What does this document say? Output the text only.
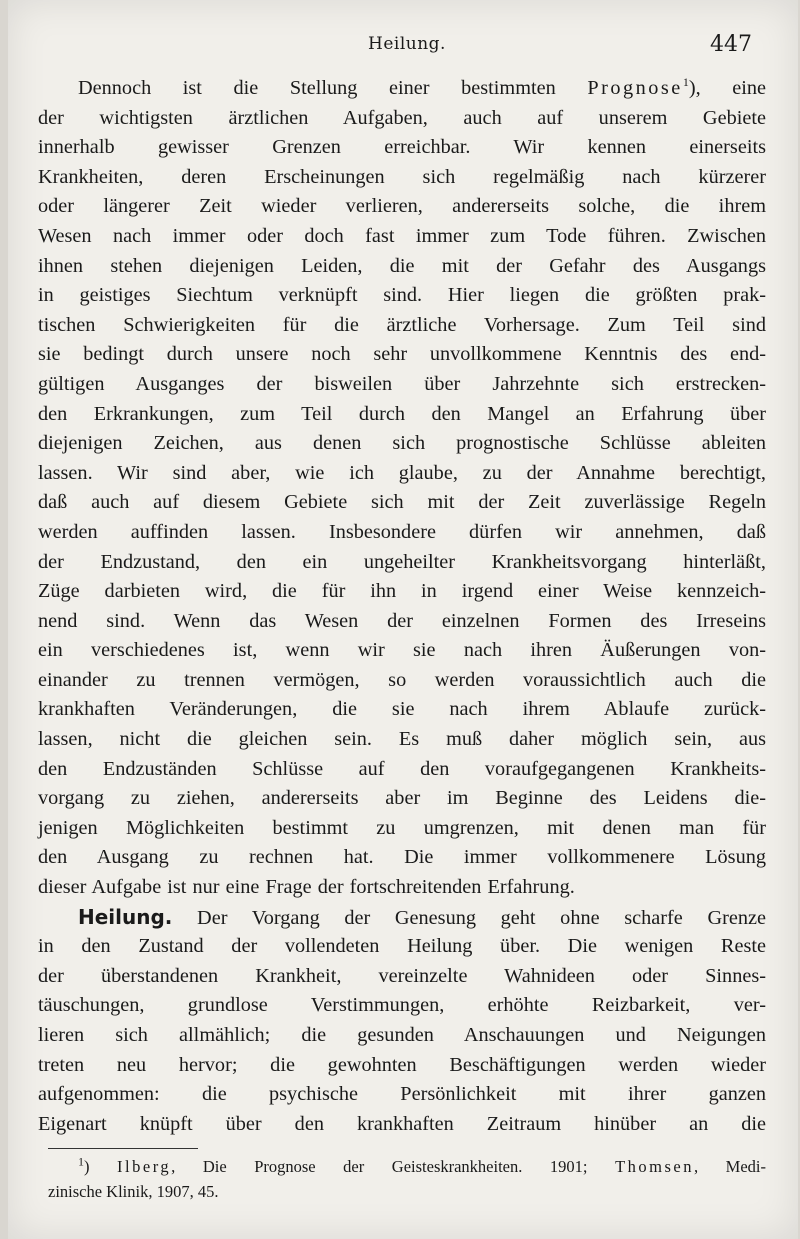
Heilung.	447
Dennoch ist die Stellung einer bestimmten Prognose$^1$), eine
der wichtigsten ärztlichen Aufgaben, auch auf unserem Gebiete
innerhalb gewisser Grenzen erreichbar. Wir kennen einerseits
Krankheiten, deren Erscheinungen sich regelmäßig nach kürzerer
oder längerer Zeit wieder verlieren, andererseits solche, die ihrem
Wesen nach immer oder doch fast immer zum Tode führen. Zwischen
ihnen stehen diejenigen Leiden, die mit der Gefahr des Ausgangs
in geistiges Siechtum verknüpft sind. Hier liegen die größten prak-
tischen Schwierigkeiten für die ärztliche Vorhersage. Zum Teil sind
sie bedingt durch unsere noch sehr unvollkommene Kenntnis des end-
gültigen Ausganges der bisweilen über Jahrzehnte sich erstrecken-
den Erkrankungen, zum Teil durch den Mangel an Erfahrung über
diejenigen Zeichen, aus denen sich prognostische Schlüsse ableiten
lassen. Wir sind aber, wie ich glaube, zu der Annahme berechtigt,
daß auch auf diesem Gebiete sich mit der Zeit zuverlässige Regeln
werden auffinden lassen. Insbesondere dürfen wir annehmen, daß
der Endzustand, den ein ungeheilter Krankheitsvorgang hinterläßt,
Züge darbieten wird, die für ihn in irgend einer Weise kennzeich-
nend sind. Wenn das Wesen der einzelnen Formen des Irreseins
ein verschiedenes ist, wenn wir sie nach ihren Äußerungen von-
einander zu trennen vermögen, so werden voraussichtlich auch die
krankhaften Veränderungen, die sie nach ihrem Ablaufe zurück-
lassen, nicht die gleichen sein. Es muß daher möglich sein, aus
den Endzuständen Schlüsse auf den voraufgegangenen Krankheits-
vorgang zu ziehen, andererseits aber im Beginne des Leidens die-
jenigen Möglichkeiten bestimmt zu umgrenzen, mit denen man für
den Ausgang zu rechnen hat. Die immer vollkommenere Lösung
dieser Aufgabe ist nur eine Frage der fortschreitenden Erfahrung.
Heilung. Der Vorgang der Genesung geht ohne scharfe Grenze
in den Zustand der vollendeten Heilung über. Die wenigen Reste
der überstandenen Krankheit, vereinzelte Wahnideen oder Sinnes-
täuschungen, grundlose Verstimmungen, erhöhte Reizbarkeit, ver-
lieren sich allmählich; die gesunden Anschauungen und Neigungen
treten neu hervor; die gewohnten Beschäftigungen werden wieder
aufgenommen: die psychische Persönlichkeit mit ihrer ganzen
Eigenart knüpft über den krankhaften Zeitraum hinüber an die
$^1$) Ilberg, Die Prognose der Geisteskrankheiten. 1901; Thomsen, Medi-
zinische Klinik, 1907, 45.
